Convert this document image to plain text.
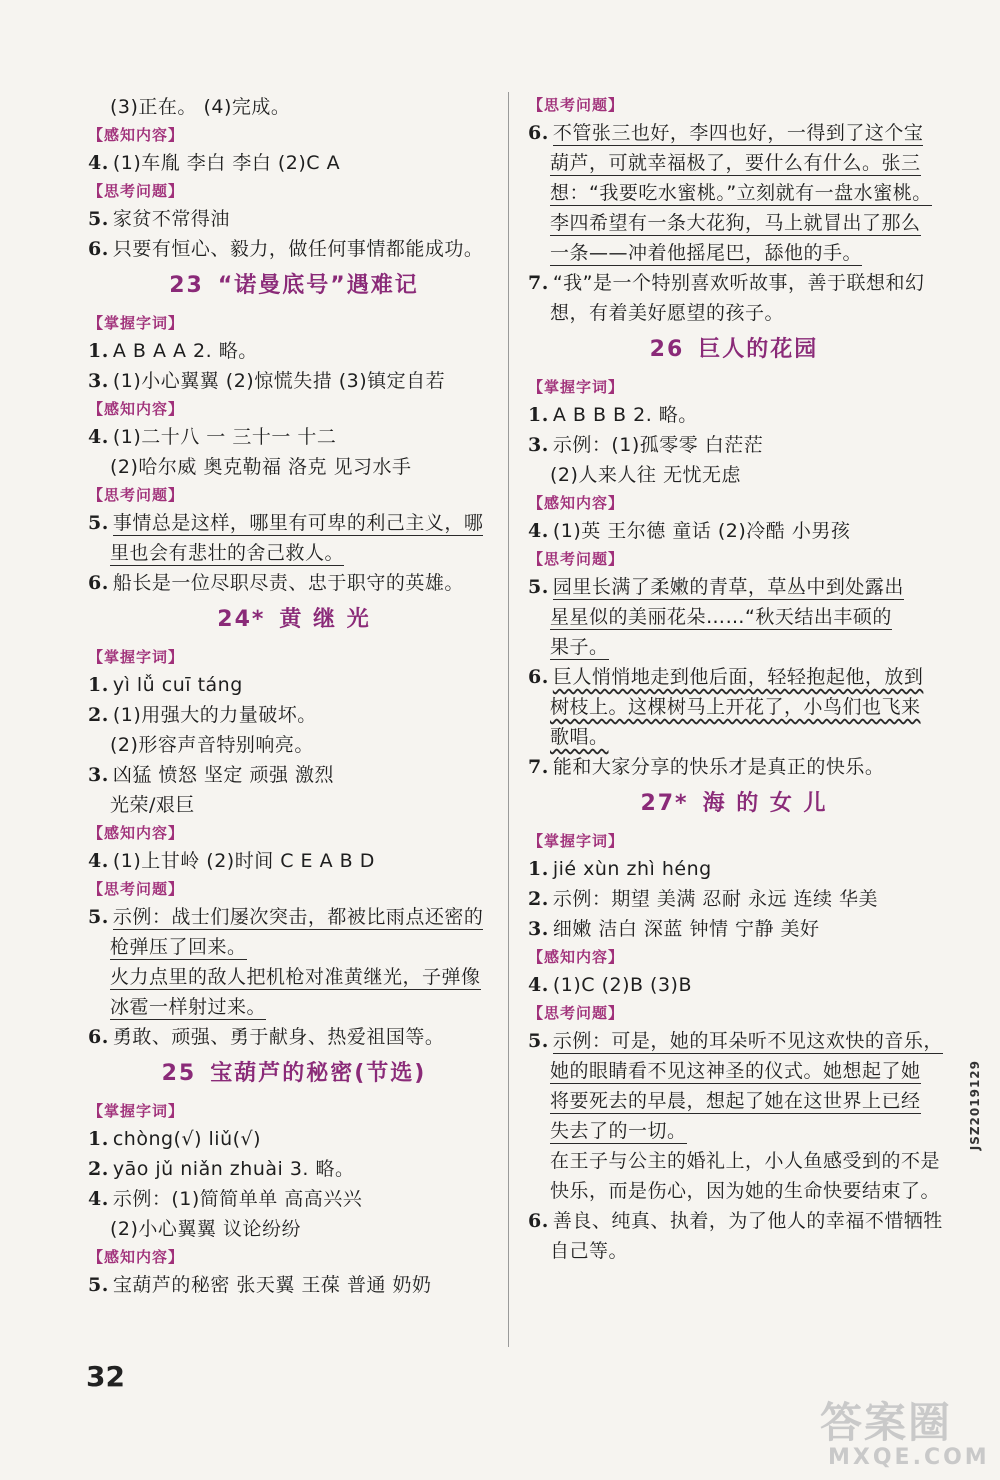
(3)正在。 (4)完成。
【感知内容】
4. (1)车胤 李白 李白 (2)C A
【思考问题】
5. 家贫不常得油
6. 只要有恒心、毅力，做任何事情都能成功。
23 “诺曼底号”遇难记
【掌握字词】
1. A B A A 2. 略。
3. (1)小心翼翼 (2)惊慌失措 (3)镇定自若
【感知内容】
4. (1)二十八 一 三十一 十二
(2)哈尔威 奥克勒福 洛克 见习水手
【思考问题】
5. 事情总是这样，哪里有可卑的利己主义，哪
里也会有悲壮的舍己救人。
6. 船长是一位尽职尽责、忠于职守的英雄。
24* 黄 继 光
【掌握字词】
1. yì lǚ cuī táng
2. (1)用强大的力量破坏。
(2)形容声音特别响亮。
3. 凶猛 愤怒 坚定 顽强 激烈
光荣/艰巨
【感知内容】
4. (1)上甘岭 (2)时间 C E A B D
【思考问题】
5. 示例：战士们屡次突击，都被比雨点还密的
枪弹压了回来。
火力点里的敌人把机枪对准黄继光，子弹像
冰雹一样射过来。
6. 勇敢、顽强、勇于献身、热爱祖国等。
25 宝葫芦的秘密(节选)
【掌握字词】
1. chòng(√) liǔ(√)
2. yāo jǔ niǎn zhuài 3. 略。
4. 示例：(1)简简单单 高高兴兴
(2)小心翼翼 议论纷纷
【感知内容】
5. 宝葫芦的秘密 张天翼 王葆 普通 奶奶
【思考问题】
6. 不管张三也好，李四也好，一得到了这个宝
葫芦，可就幸福极了，要什么有什么。张三
想：“我要吃水蜜桃。”立刻就有一盘水蜜桃。
李四希望有一条大花狗，马上就冒出了那么
一条——冲着他摇尾巴，舔他的手。
7. “我”是一个特别喜欢听故事，善于联想和幻
想，有着美好愿望的孩子。
26 巨人的花园
【掌握字词】
1. A B B B 2. 略。
3. 示例：(1)孤零零 白茫茫
(2)人来人往 无忧无虑
【感知内容】
4. (1)英 王尔德 童话 (2)冷酷 小男孩
【思考问题】
5. 园里长满了柔嫩的青草，草丛中到处露出
星星似的美丽花朵……“秋天结出丰硕的
果子。
6. 巨人悄悄地走到他后面，轻轻抱起他，放到
树枝上。这棵树马上开花了，小鸟们也飞来
歌唱。
7. 能和大家分享的快乐才是真正的快乐。
27* 海 的 女 儿
【掌握字词】
1. jié xùn zhì héng
2. 示例：期望 美满 忍耐 永远 连续 华美
3. 细嫩 洁白 深蓝 钟情 宁静 美好
【感知内容】
4. (1)C (2)B (3)B
【思考问题】
5. 示例：可是，她的耳朵听不见这欢快的音乐，
她的眼睛看不见这神圣的仪式。她想起了她
将要死去的早晨，想起了她在这世界上已经
失去了的一切。
在王子与公主的婚礼上，小人鱼感受到的不是
快乐，而是伤心，因为她的生命快要结束了。
6. 善良、纯真、执着，为了他人的幸福不惜牺牲
自己等。
32
JSZ2019129
答案圈
MXQE.COM
